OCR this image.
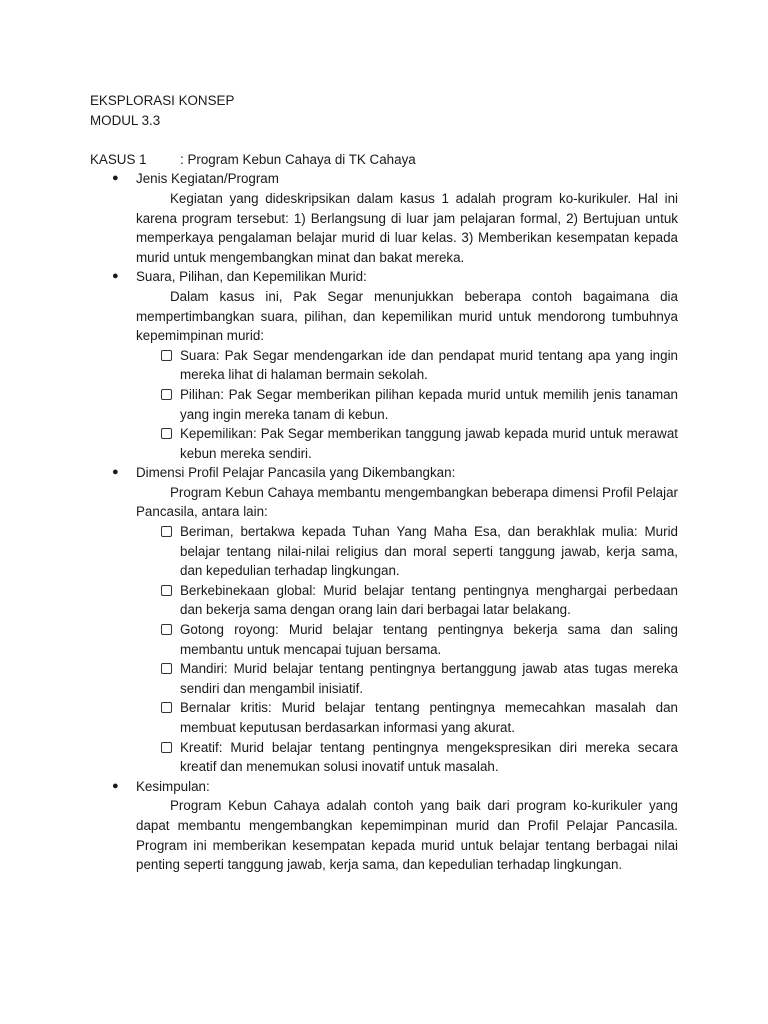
EKSPLORASI KONSEP

MODUL 3.3

KASUS 1	: Program Kebun Cahaya di TK Cahaya
● Jenis Kegiatan/Program

Kegiatan yang dideskripsikan dalam kasus 1 adalah program ko-kurikuler. Hal ini karena program tersebut: 1) Berlangsung di luar jam pelajaran formal, 2) Bertujuan untuk memperkaya pengalaman belajar murid di luar kelas. 3) Memberikan kesempatan kepada murid untuk mengembangkan minat dan bakat mereka.

● Suara, Pilihan, dan Kepemilikan Murid:

Dalam kasus ini, Pak Segar menunjukkan beberapa contoh bagaimana dia mempertimbangkan suara, pilihan, dan kepemilikan murid untuk mendorong tumbuhnya kepemimpinan murid:

Suara: Pak Segar mendengarkan ide dan pendapat murid tentang apa yang ingin mereka lihat di halaman bermain sekolah.
Pilihan: Pak Segar memberikan pilihan kepada murid untuk memilih jenis tanaman yang ingin mereka tanam di kebun.
Kepemilikan: Pak Segar memberikan tanggung jawab kepada murid untuk merawat kebun mereka sendiri.
● Dimensi Profil Pelajar Pancasila yang Dikembangkan:

Program Kebun Cahaya membantu mengembangkan beberapa dimensi Profil Pelajar Pancasila, antara lain:

Beriman, bertakwa kepada Tuhan Yang Maha Esa, dan berakhlak mulia: Murid belajar tentang nilai-nilai religius dan moral seperti tanggung jawab, kerja sama, dan kepedulian terhadap lingkungan.
Berkebinekaan global: Murid belajar tentang pentingnya menghargai perbedaan dan bekerja sama dengan orang lain dari berbagai latar belakang.
Gotong royong: Murid belajar tentang pentingnya bekerja sama dan saling membantu untuk mencapai tujuan bersama.
Mandiri: Murid belajar tentang pentingnya bertanggung jawab atas tugas mereka sendiri dan mengambil inisiatif.
Bernalar kritis: Murid belajar tentang pentingnya memecahkan masalah dan membuat keputusan berdasarkan informasi yang akurat.
Kreatif: Murid belajar tentang pentingnya mengekspresikan diri mereka secara kreatif dan menemukan solusi inovatif untuk masalah.
● Kesimpulan:

Program Kebun Cahaya adalah contoh yang baik dari program ko-kurikuler yang dapat membantu mengembangkan kepemimpinan murid dan Profil Pelajar Pancasila. Program ini memberikan kesempatan kepada murid untuk belajar tentang berbagai nilai penting seperti tanggung jawab, kerja sama, dan kepedulian terhadap lingkungan.
